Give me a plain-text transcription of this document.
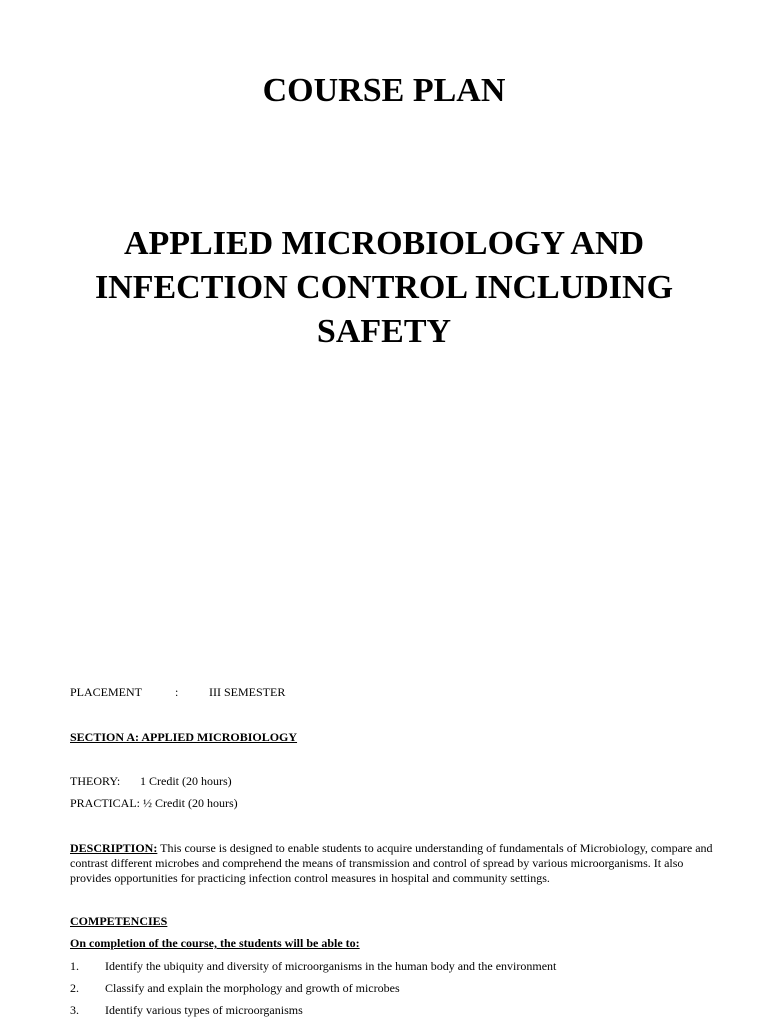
COURSE PLAN
APPLIED MICROBIOLOGY AND
INFECTION CONTROL INCLUDING
SAFETY
PLACEMENT	:	III SEMESTER
SECTION A: APPLIED MICROBIOLOGY
THEORY: 1 Credit (20 hours)
PRACTICAL: ½ Credit (20 hours)
DESCRIPTION: This course is designed to enable students to acquire understanding of fundamentals of Microbiology, compare and
contrast different microbes and comprehend the means of transmission and control of spread by various microorganisms. It also
provides opportunities for practicing infection control measures in hospital and community settings.
COMPETENCIES
On completion of the course, the students will be able to:
1. Identify the ubiquity and diversity of microorganisms in the human body and the environment
2. Classify and explain the morphology and growth of microbes
3. Identify various types of microorganisms
